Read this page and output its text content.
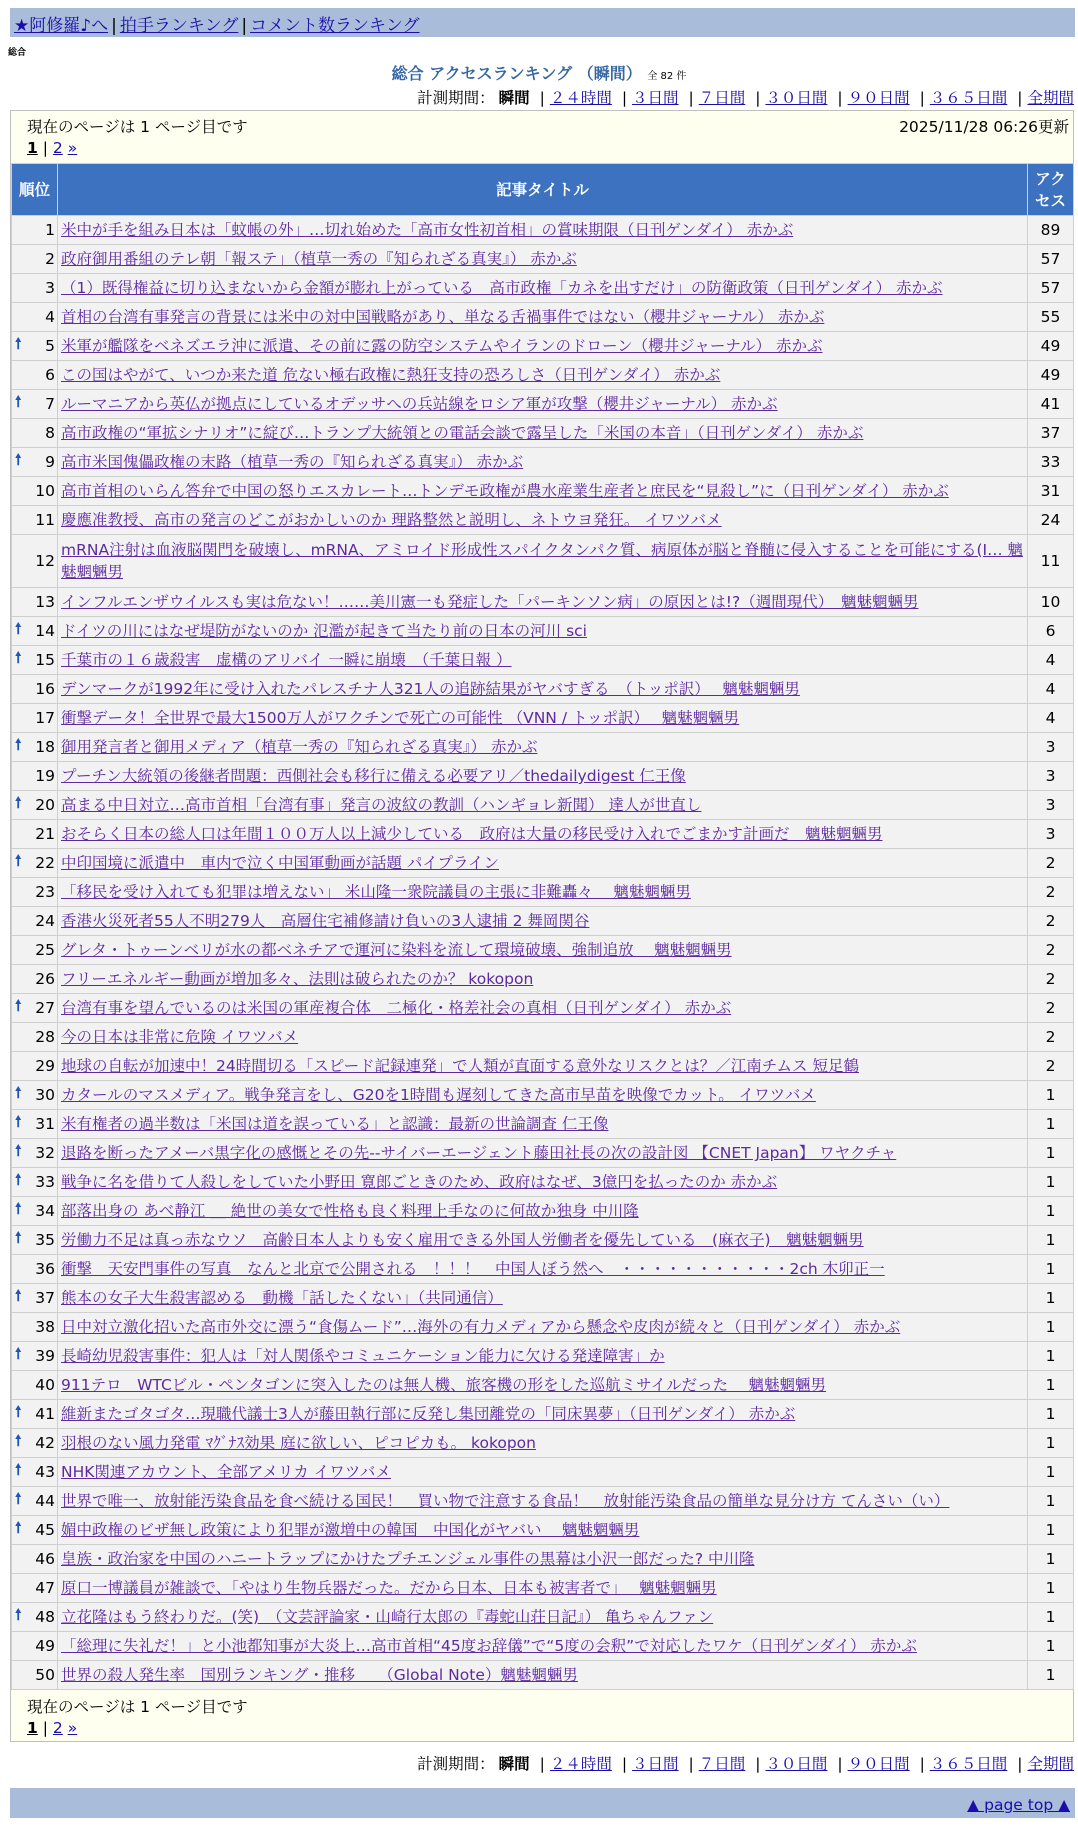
★阿修羅♪へ | 拍手ランキング | コメント数ランキング
総合
総合 アクセスランキング （瞬間） 全 82 件
計測期間： 瞬間 | ２４時間 | ３日間 | ７日間 | ３０日間 | ９０日間 | ３６５日間 | 全期間
現在のページは 1 ページ目です	2025/11/28 06:26更新
1 | 2 »
順位	記事タイトル	アクセス
1	米中が手を組み日本は「蚊帳の外」…切れ始めた「高市女性初首相」の賞味期限（日刊ゲンダイ） 赤かぶ	89
2	政府御用番組のテレ朝「報ステ」（植草一秀の『知られざる真実』） 赤かぶ	57
3	（1）既得権益に切り込まないから金額が膨れ上がっている　高市政権「カネを出すだけ」の防衛政策（日刊ゲンダイ） 赤かぶ	57
4	首相の台湾有事発言の背景には米中の対中国戦略があり、単なる舌禍事件ではない（櫻井ジャーナル） 赤かぶ	55

🠕 5	米軍が艦隊をベネズエラ沖に派遣、その前に露の防空システムやイランのドローン（櫻井ジャーナル） 赤かぶ	49
6	この国はやがて、いつか来た道 危ない極右政権に熱狂支持の恐ろしさ（日刊ゲンダイ） 赤かぶ	49

🠕 7	ルーマニアから英仏が拠点にしているオデッサへの兵站線をロシア軍が攻撃（櫻井ジャーナル） 赤かぶ	41
8	高市政権の“軍拡シナリオ”に綻び…トランプ大統領との電話会談で露呈した「米国の本音」（日刊ゲンダイ） 赤かぶ	37

🠕 9	高市米国傀儡政権の末路（植草一秀の『知られざる真実』） 赤かぶ	33
10	高市首相のいらん答弁で中国の怒りエスカレート…トンデモ政権が農水産業生産者と庶民を“見殺し”に（日刊ゲンダイ） 赤かぶ	31
11	慶應准教授、高市の発言のどこがおかしいのか 理路整然と説明し、ネトウヨ発狂。 イワツバメ	24
12	mRNA注射は血液脳関門を破壊し、mRNA、アミロイド形成性スパイクタンパク質、病原体が脳と脊髄に侵入することを可能にする(I… 魑魅魍魎男	11
13	インフルエンザウイルスも実は危ない！……美川憲一も発症した「パーキンソン病」の原因とは!?（週間現代）　魑魅魍魎男	10

🠕 14	ドイツの川にはなぜ堤防がないのか 氾濫が起きて当たり前の日本の河川 sci	6

🠕 15	千葉市の１６歳殺害　虚構のアリバイ 一瞬に崩壊　（千葉日報 ）	4
16	デンマークが1992年に受け入れたパレスチナ人321人の追跡結果がヤバすぎる　（トッポ訳）　 魑魅魍魎男	4
17	衝撃データ！全世界で最大1500万人がワクチンで死亡の可能性 （VNN / トッポ訳）　 魑魅魍魎男	4

🠕 18	御用発言者と御用メディア（植草一秀の『知られざる真実』） 赤かぶ	3
19	プーチン大統領の後継者問題：西側社会も移行に備える必要アリ／thedailydigest 仁王像	3

🠕 20	高まる中日対立…高市首相「台湾有事」発言の波紋の教訓（ハンギョレ新聞） 達人が世直し	3
21	おそらく日本の総人口は年間１００万人以上減少している　政府は大量の移民受け入れでごまかす計画だ　魑魅魍魎男	3

🠕 22	中印国境に派遣中　車内で泣く中国軍動画が話題 パイプライン	2
23	「移民を受け入れても犯罪は増えない」 米山隆一衆院議員の主張に非難轟々　 魑魅魍魎男	2
24	香港火災死者55人不明279人　高層住宅補修請け負いの3人逮捕 2 舞岡関谷	2
25	グレタ・トゥーンベリが水の都ベネチアで運河に染料を流して環境破壊、強制追放　 魑魅魍魎男	2
26	フリーエネルギー動画が増加多々、法則は破られたのか？ kokopon	2

🠕 27	台湾有事を望んでいるのは米国の軍産複合体　二極化・格差社会の真相（日刊ゲンダイ） 赤かぶ	2
28	今の日本は非常に危険 イワツバメ	2
29	地球の自転が加速中！24時間切る「スピード記録連発」で人類が直面する意外なリスクとは？／江南チムス 短足鶴	2

🠕 30	カタールのマスメディア。戦争発言をし、G20を1時間も遅刻してきた高市早苗を映像でカット。 イワツバメ	1

🠕 31	米有権者の過半数は「米国は道を誤っている」と認識：最新の世論調査 仁王像	1

🠕 32	退路を断ったアメーバ黒字化の感慨とその先--サイバーエージェント藤田社長の次の設計図 【CNET Japan】 ワヤクチャ	1

🠕 33	戦争に名を借りて人殺しをしていた小野田 寛郎ごときのため、政府はなぜ、3億円を払ったのか 赤かぶ	1

🠕 34	部落出身の あべ静江 ＿ 絶世の美女で性格も良く料理上手なのに何故か独身 中川隆	1

🠕 35	労働力不足は真っ赤なウソ　高齢日本人よりも安く雇用できる外国人労働者を優先している　(麻衣子)　魑魅魍魎男	1
36	衝撃　天安門事件の写真　なんと北京で公開される　！！！　中国人ぼう然へ　・・・・・・・・・・・2ch 木卯正一	1

🠕 37	熊本の女子大生殺害認める　動機「話したくない」（共同通信）	1
38	日中対立激化招いた高市外交に漂う“食傷ムード”…海外の有力メディアから懸念や皮肉が続々と（日刊ゲンダイ） 赤かぶ	1

🠕 39	長崎幼児殺害事件：犯人は「対人関係やコミュニケーション能力に欠ける発達障害」か	1
40	911テロ　WTCビル・ペンタゴンに突入したのは無人機、旅客機の形をした巡航ミサイルだった　 魑魅魍魎男	1

🠕 41	維新またゴタゴタ…現職代議士3人が藤田執行部に反発し集団離党の「同床異夢」（日刊ゲンダイ） 赤かぶ	1

🠕 42	羽根のない風力発電 ﾏｸﾞﾅｽ効果 庭に欲しい、ピコピカも。 kokopon	1

🠕 43	NHK関連アカウント、全部アメリカ イワツバメ	1

🠕 44	世界で唯一、放射能汚染食品を食べ続ける国民！　買い物で注意する食品！　放射能汚染食品の簡単な見分け方 てんさい（い）	1

🠕 45	媚中政権のビザ無し政策により犯罪が激増中の韓国　中国化がヤバい　 魑魅魍魎男	1
46	皇族・政治家を中国のハニートラップにかけたプチエンジェル事件の黒幕は小沢一郎だった? 中川隆	1
47	原口一博議員が雑談で、「やはり生物兵器だった。だから日本、日本も被害者で」　 魑魅魍魎男	1

🠕 48	立花隆はもう終わりだ。(笑)　（文芸評論家・山崎行太郎の『毒蛇山荘日記』） 亀ちゃんファン	1
49	「総理に失礼だ！」と小池都知事が大炎上…高市首相“45度お辞儀”で“5度の会釈”で対応したワケ（日刊ゲンダイ） 赤かぶ	1
50	世界の殺人発生率　国別ランキング・推移　　（Global Note）魑魅魍魎男	1
現在のページは 1 ページ目です
1 | 2 »
計測期間： 瞬間 | ２４時間 | ３日間 | ７日間 | ３０日間 | ９０日間 | ３６５日間 | 全期間
▲ page top ▲
